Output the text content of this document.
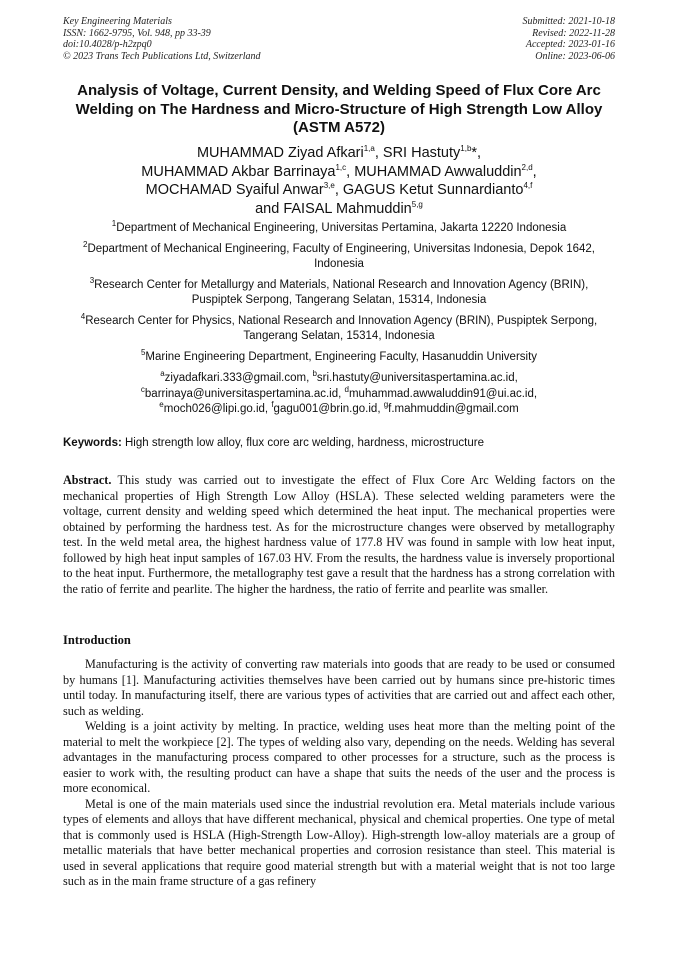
Key Engineering Materials
ISSN: 1662-9795, Vol. 948, pp 33-39
doi:10.4028/p-h2zpq0
© 2023 Trans Tech Publications Ltd, Switzerland
Submitted: 2021-10-18
Revised: 2022-11-28
Accepted: 2023-01-16
Online: 2023-06-06
Analysis of Voltage, Current Density, and Welding Speed of Flux Core Arc Welding on The Hardness and Micro-Structure of High Strength Low Alloy (ASTM A572)
MUHAMMAD Ziyad Afkari$^{1,a}$, SRI Hastuty$^{1,b}$*,
MUHAMMAD Akbar Barrinaya$^{1,c}$, MUHAMMAD Awwaluddin$^{2,d}$,
MOCHAMAD Syaiful Anwar$^{3,e}$, GAGUS Ketut Sunnardianto$^{4,f}$
and FAISAL Mahmuddin$^{5,g}$
$^1$Department of Mechanical Engineering, Universitas Pertamina, Jakarta 12220 Indonesia
$^2$Department of Mechanical Engineering, Faculty of Engineering, Universitas Indonesia, Depok 1642, Indonesia
$^3$Research Center for Metallurgy and Materials, National Research and Innovation Agency (BRIN), Puspiptek Serpong, Tangerang Selatan, 15314, Indonesia
$^4$Research Center for Physics, National Research and Innovation Agency (BRIN), Puspiptek Serpong, Tangerang Selatan, 15314, Indonesia
$^5$Marine Engineering Department, Engineering Faculty, Hasanuddin University
$^a$ziyadafkari.333@gmail.com, $^b$sri.hastuty@universitaspertamina.ac.id,
$^c$barrinaya@universitaspertamina.ac.id, $^d$muhammad.awwaluddin91@ui.ac.id,
$^e$moch026@lipi.go.id, $^f$gagu001@brin.go.id, $^g$f.mahmuddin@gmail.com
Keywords: High strength low alloy, flux core arc welding, hardness, microstructure

Abstract. This study was carried out to investigate the effect of Flux Core Arc Welding factors on the mechanical properties of High Strength Low Alloy (HSLA). These selected welding parameters were the voltage, current density and welding speed which determined the heat input. The mechanical properties were obtained by performing the hardness test. As for the microstructure changes were observed by metallography test. In the weld metal area, the highest hardness value of 177.8 HV was found in sample with low heat input, followed by high heat input samples of 167.03 HV. From the results, the hardness value is inversely proportional to the heat input. Furthermore, the metallography test gave a result that the hardness has a strong correlation with the ratio of ferrite and pearlite. The higher the hardness, the ratio of ferrite and pearlite was smaller.

Introduction

Manufacturing is the activity of converting raw materials into goods that are ready to be used or consumed by humans [1]. Manufacturing activities themselves have been carried out by humans since pre-historic times until today. In manufacturing itself, there are various types of activities that are carried out and affect each other, such as welding.

Welding is a joint activity by melting. In practice, welding uses heat more than the melting point of the material to melt the workpiece [2]. The types of welding also vary, depending on the needs. Welding has several advantages in the manufacturing process compared to other processes for a structure, such as the process is easier to work with, the resulting product can have a shape that suits the needs of the user and the process is more economical.

Metal is one of the main materials used since the industrial revolution era. Metal materials include various types of elements and alloys that have different mechanical, physical and chemical properties. One type of metal that is commonly used is HSLA (High-Strength Low-Alloy). High-strength low-alloy materials are a group of metallic materials that have better mechanical properties and corrosion resistance than steel. This material is used in several applications that require good material strength but with a material weight that is not too large such as in the main frame structure of a gas refinery
